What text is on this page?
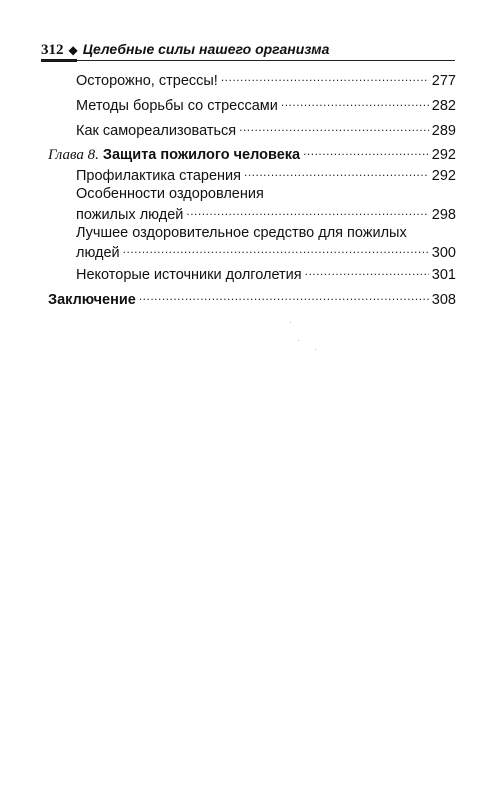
312 ◆ Целебные силы нашего организма
Осторожно, стрессы! .....	277
Методы борьбы со стрессами .....	282
Как самореализоваться .....	289
Глава 8. Защита пожилого человека .....	292
Профилактика старения .....	292
Особенности оздоровления
пожилых людей .....	298
Лучшее оздоровительное средство для пожилых
людей .....	300
Некоторые источники долголетия .....	301
Заключение .....	308
